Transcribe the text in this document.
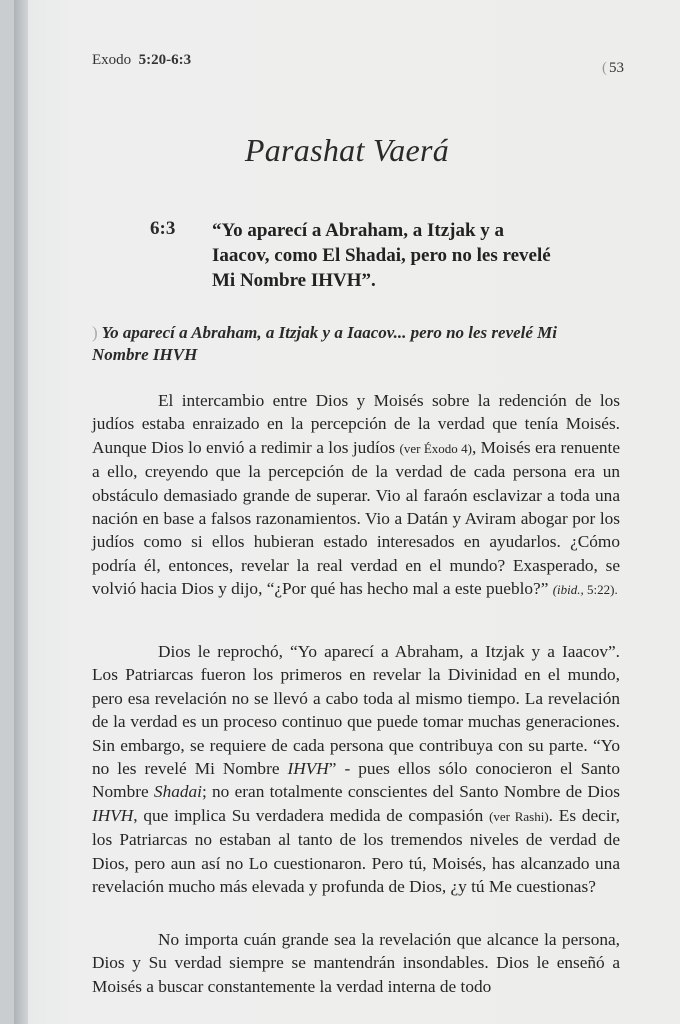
Exodo 5:20-6:3	( 53
Parashat Vaerá
6:3 “Yo aparecí a Abraham, a Itzjak y a Iaacov, como El Shadai, pero no les revelé Mi Nombre IHVH”.
) Yo aparecí a Abraham, a Itzjak y a Iaacov... pero no les revelé Mi Nombre IHVH

El intercambio entre Dios y Moisés sobre la redención de los judíos estaba enraizado en la percepción de la verdad que tenía Moisés. Aunque Dios lo envió a redimir a los judíos (ver Éxodo 4), Moisés era renuente a ello, creyendo que la percepción de la verdad de cada persona era un obstáculo demasiado grande de superar. Vio al faraón esclavizar a toda una nación en base a falsos razonamientos. Vio a Datán y Aviram abogar por los judíos como si ellos hubieran estado interesados en ayudarlos. ¿Cómo podría él, entonces, revelar la real verdad en el mundo? Exasperado, se volvió hacia Dios y dijo, “¿Por qué has hecho mal a este pueblo?” (ibid., 5:22).

Dios le reprochó, “Yo aparecí a Abraham, a Itzjak y a Iaacov”. Los Patriarcas fueron los primeros en revelar la Divinidad en el mundo, pero esa revelación no se llevó a cabo toda al mismo tiempo. La revelación de la verdad es un proceso continuo que puede tomar muchas generaciones. Sin embargo, se requiere de cada persona que contribuya con su parte. “Yo no les revelé Mi Nombre IHVH” - pues ellos sólo conocieron el Santo Nombre Shadai; no eran totalmente conscientes del Santo Nombre de Dios IHVH, que implica Su verdadera medida de compasión (ver Rashi). Es decir, los Patriarcas no estaban al tanto de los tremendos niveles de verdad de Dios, pero aun así no Lo cuestionaron. Pero tú, Moisés, has alcanzado una revelación mucho más elevada y profunda de Dios, ¿y tú Me cuestionas?

No importa cuán grande sea la revelación que alcance la persona, Dios y Su verdad siempre se mantendrán insondables. Dios le enseñó a Moisés a buscar constantemente la verdad interna de todo
